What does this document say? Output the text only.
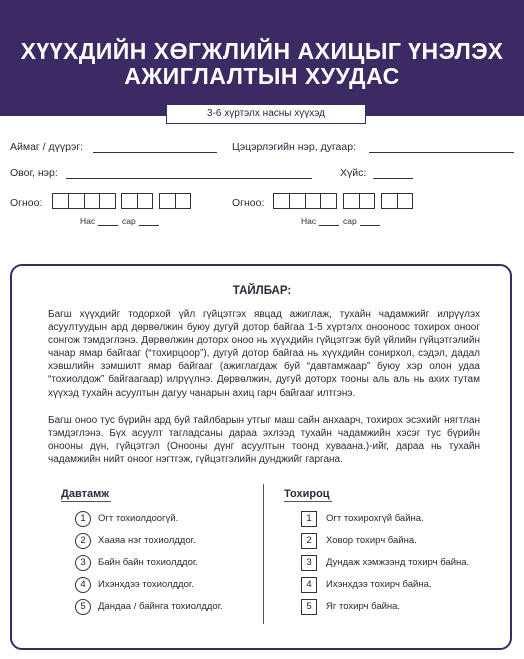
ХҮҮХДИЙН ХӨГЖЛИЙН АХИЦЫГ ҮНЭЛЭХ
АЖИГЛАЛТЫН ХУУДАС
3-6 хүртэлх насны хүүхэд
Аймаг / дүүрэг:	Цэцэрлэгийн нэр, дугаар:
Овог, нэр:	Хүйс:
Огноо:
Нас	сар
Огноо:
Нас	сар
ТАЙЛБАР:

Багш хүүхдийг тодорхой үйл гүйцэтгэх явцад ажиглаж, тухайн чадамжийг илрүүлэх асуултуудын ард дөрвөлжин буюу дугуй дотор байгаа 1-5 хүртэлх оноонoос тохирох оноог сонгож тэмдэглэнэ. Дөрвөлжин доторх оноо нь хүүхдийн гүйцэтгэж буй үйлийн гүйцэтгэлийн чанар ямар байгааг (“тохирцоор”), дугуй дотор байгаа нь хүүхдийн сонирхол, сэдэл, дадал хэвшлийн зэмшилт ямар байгааг (ажиглагдаж буй “давтамжаар” буюу хэр олон удаа “тохиолдож” байгаагаар) илрүүлнэ. Дөрвөлжин, дугуй доторх тооны аль аль нь ахих тутам хүүхэд тухайн асуултын дагуу чанарын ахиц гарч байгааг илтгэнэ.

Багш оноо тус бүрийн ард буй тайлбарын утгыг маш сайн анхаарч, тохирох эсэхийг нягтлан тэмдэглэнэ. Бүх асуулт тагладсаны дараа эхлээд тухайн чадамжийн хэсэг тус бүрийн онооны дүн, гүйцэтгэл (Онооны дүнг асуултын тоонд хуваана.)-ийг, дараа нь тухайн чадамжийн нийт оноог нэгтгэж, гүйцэтгэлийн дунджийг гаргана.

Давтамж
1	Огт тохиолдоогүй.
2	Хааяа нэг тохиолддог.
3	Байн байн тохиолддог.
4	Ихэнхдээ тохиолддог.
5	Дандаа / байнга тохиолддог.
Тохироц
1	Огт тохирохгүй байна.
2	Ховор тохирч байна.
3	Дундаж хэмжээнд тохирч байна.
4	Ихэнхдээ тохирч байна.
5	Яг тохирч байна.
